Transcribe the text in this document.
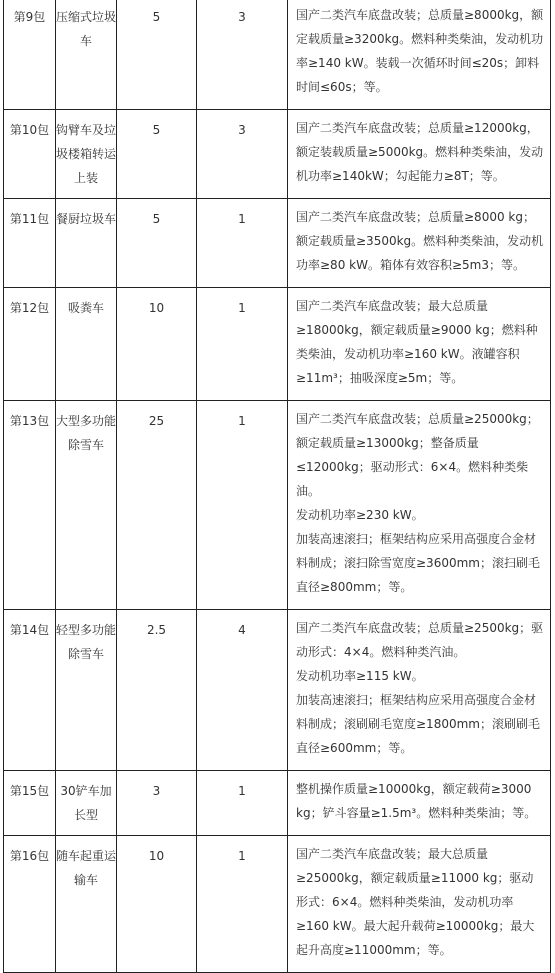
第9包	压缩式垃圾车	5	3	国产二类汽车底盘改装；总质量≥8000kg，额定载质量≥3200kg。燃料种类柴油，发动机功率≥140 kW。装载一次循环时间≤20s；卸料时间≤60s；等。

第10包	钩臂车及垃圾楼箱转运上装	5	3	国产二类汽车底盘改装；总质量≥12000kg，额定装载质量≥5000kg。燃料种类柴油，发动机功率≥140kW；勾起能力≥8T；等。

第11包	餐厨垃圾车	5	1	国产二类汽车底盘改装；总质量≥8000 kg；额定载质量≥3500kg。燃料种类柴油，发动机功率≥80 kW。箱体有效容积≥5m3；等。

第12包	吸粪车	10	1	国产二类汽车底盘改装；最大总质量≥18000kg，额定载质量≥9000 kg；燃料种类柴油，发动机功率≥160 kW。液罐容积≥11m³；抽吸深度≥5m；等。

第13包	大型多功能除雪车	25	1	国产二类汽车底盘改装；总质量≥25000kg；额定载质量≥13000kg；整备质量≤12000kg；驱动形式：6×4。燃料种类柴油。
发动机功率≥230 kW。
加装高速滚扫；框架结构应采用高强度合金材料制成；滚扫除雪宽度≥3600mm；滚扫刷毛直径≥800mm；等。

第14包	轻型多功能除雪车	2.5	4	国产二类汽车底盘改装；总质量≥2500kg；驱动形式：4×4。燃料种类汽油。
发动机功率≥115 kW。
加装高速滚扫；框架结构应采用高强度合金材料制成；滚刷刷毛宽度≥1800mm；滚刷刷毛直径≥600mm；等。

第15包	30铲车加长型	3	1	整机操作质量≥10000kg，额定载荷≥3000 kg；铲斗容量≥1.5m³。燃料种类柴油；等。

第16包	随车起重运输车	10	1	国产二类汽车底盘改装；最大总质量≥25000kg，额定载质量≥11000 kg；驱动形式：6×4。燃料种类柴油，发动机功率≥160 kW。最大起升载荷≥10000kg；最大起升高度≥11000mm；等。
